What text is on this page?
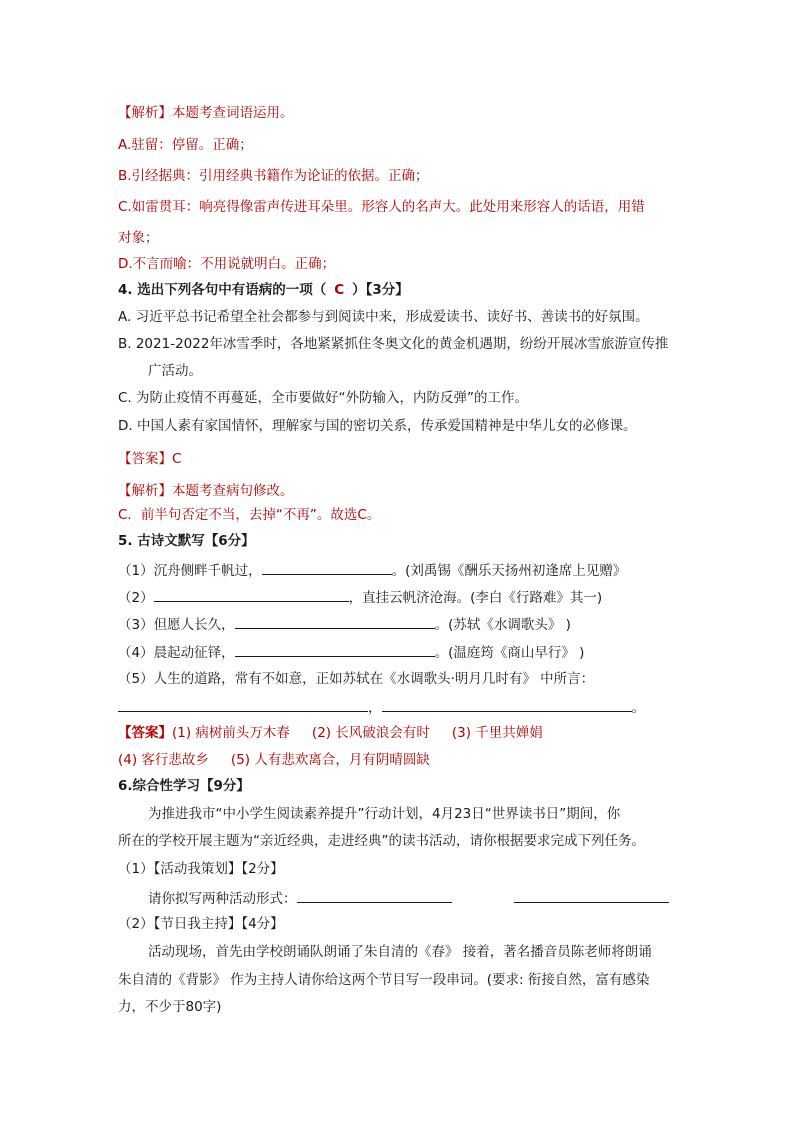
【解析】本题考查词语运用。
A.驻留：停留。正确；
B.引经据典：引用经典书籍作为论证的依据。正确；
C.如雷贯耳：响亮得像雷声传进耳朵里。形容人的名声大。此处用来形容人的话语，用错
对象；
D.不言而喻：不用说就明白。正确；
4. 选出下列各句中有语病的一项（ C ）【3分】
A. 习近平总书记希望全社会都参与到阅读中来，形成爱读书、读好书、善读书的好氛围。
B. 2021-2022年冰雪季时，各地紧紧抓住冬奥文化的黄金机遇期，纷纷开展冰雪旅游宣传推
广活动。
C. 为防止疫情不再蔓延，全市要做好“外防输入，内防反弹”的工作。
D. 中国人素有家国情怀，理解家与国的密切关系，传承爱国精神是中华儿女的必修课。
【答案】C
【解析】本题考查病句修改。
C．前半句否定不当，去掉“不再”。故选C。
5. 古诗文默写【6分】
（1）沉舟侧畔千帆过，	。(刘禹锡《酬乐天扬州初逢席上见赠》
（2）	，直挂云帆济沧海。(李白《行路难》其一)
（3）但愿人长久，	。(苏轼《水调歌头》 )
（4）晨起动征铎，	。(温庭筠《商山早行》 )
（5）人生的道路，常有不如意，正如苏轼在《水调歌头·明月几时有》 中所言：
，	。
【答案】(1) 病树前头万木春 (2) 长风破浪会有时 (3) 千里共婵娟
(4) 客行悲故乡 (5) 人有悲欢离合，月有阴晴圆缺
6.综合性学习【9分】
为推进我市“中小学生阅读素养提升”行动计划，4月23日“世界读书日”期间，你
所在的学校开展主题为“亲近经典，走进经典”的读书活动，请你根据要求完成下列任务。
（1）【活动我策划】【2分】
请你拟写两种活动形式：
（2）【节日我主持】【4分】
活动现场，首先由学校朗诵队朗诵了朱自清的《春》 接着，著名播音员陈老师将朗诵
朱自清的《背影》 作为主持人请你给这两个节目写一段串词。(要求: 衔接自然，富有感染
力，不少于80字)
